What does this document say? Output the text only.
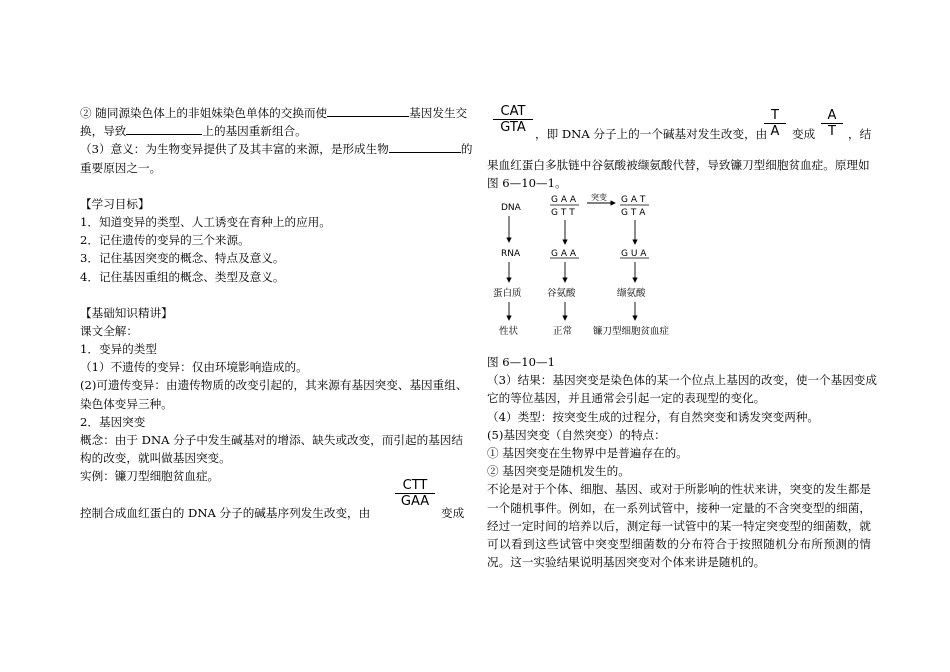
② 随同源染色体上的非姐妹染色单体的交换而使	基因发生交
换，导致	上的基因重新组合。
（3）意义：为生物变异提供了及其丰富的来源，是形成生物	的
重要原因之一。
【学习目标】
1．知道变异的类型、人工诱变在育种上的应用。
2．记住遗传的变异的三个来源。
3．记住基因突变的概念、特点及意义。
4．记住基因重组的概念、类型及意义。
【基础知识精讲】
课文全解：
1．变异的类型
（1）不遗传的变异：仅由环境影响造成的。
(2)可遗传变异：由遗传物质的改变引起的，其来源有基因突变、基因重组、
染色体变异三种。
2．基因突变
概念：由于 DNA 分子中发生碱基对的增添、缺失或改变，而引起的基因结
构的改变，就叫做基因突变。
实例：镰刀型细胞贫血症。
控制合成血红蛋白的 DNA 分子的碱基序列发生改变，由
CTT
GAA
变成
CAT
GTA ，即 DNA 分子上的一个碱基对发生改变，由
T
A	变成
A
T	，结
果血红蛋白多肽链中谷氨酸被缬氨酸代替，导致镰刀型细胞贫血症。原理如
图 6—10—1。
DNA
RNA
蛋白质
性状
G A A
G T T
突变 G A T
G T A
G A A	G U A
谷氨酸	缬氨酸
正常 镰刀型细胞贫血症
图 6—10—1
（3）结果：基因突变是染色体的某一个位点上基因的改变，使一个基因变成
它的等位基因，并且通常会引起一定的表现型的变化。
（4）类型：按突变生成的过程分，有自然突变和诱发突变两种。
(5)基因突变（自然突变）的特点：
① 基因突变在生物界中是普遍存在的。
② 基因突变是随机发生的。
不论是对于个体、细胞、基因、或对于所影响的性状来讲，突变的发生都是一个随机事件。例如，在一系列试管中，接种一定量的不含突变型的细菌，经过一定时间的培养以后，测定每一试管中的某一特定突变型的细菌数，就可以看到这些试管中突变型细菌数的分布符合于按照随机分布所预测的情况。这一实验结果说明基因突变对个体来讲是随机的。
